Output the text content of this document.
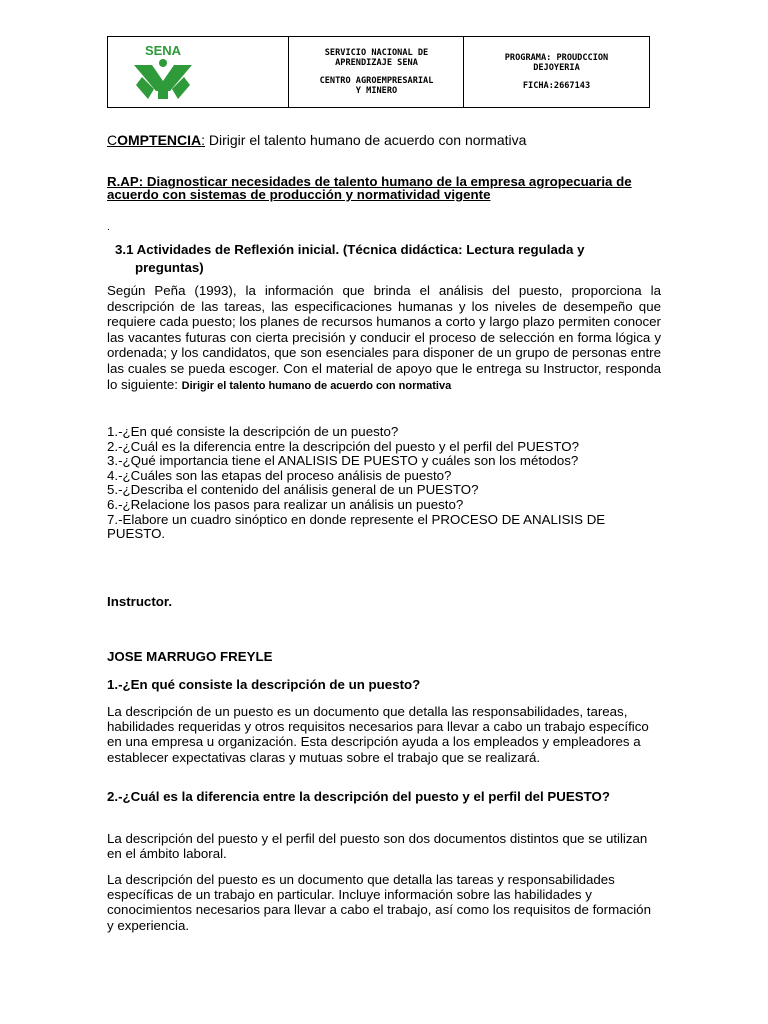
SENA	SERVICIO NACIONAL DE
APRENDIZAJE SENA
CENTRO AGROEMPRESARIAL
Y MINERO
PROGRAMA: PROUDCCION
DEJOYERIA
FICHA:2667143
COMPTENCIA: Dirigir el talento humano de acuerdo con normativa
R.AP: Diagnosticar necesidades de talento humano de la empresa agropecuaria de acuerdo con sistemas de producción y normatividad vigente
.
3.1 Actividades de Reflexión inicial. (Técnica didáctica: Lectura regulada y
preguntas)
Según Peña (1993), la información que brinda el análisis del puesto, proporciona la descripción de las tareas, las especificaciones humanas y los niveles de desempeño que requiere cada puesto; los planes de recursos humanos a corto y largo plazo permiten conocer las vacantes futuras con cierta precisión y conducir el proceso de selección en forma lógica y ordenada; y los candidatos, que son esenciales para disponer de un grupo de personas entre las cuales se pueda escoger. Con el material de apoyo que le entrega su Instructor, responda lo siguiente: Dirigir el talento humano de acuerdo con normativa
1.-¿En qué consiste la descripción de un puesto?
2.-¿Cuál es la diferencia entre la descripción del puesto y el perfil del PUESTO?
3.-¿Qué importancia tiene el ANALISIS DE PUESTO y cuáles son los métodos?
4.-¿Cuáles son las etapas del proceso análisis de puesto?
5.-¿Describa el contenido del análisis general de un PUESTO?
6.-¿Relacione los pasos para realizar un análisis un puesto?
7.-Elabore un cuadro sinóptico en donde represente el PROCESO DE ANALISIS DE PUESTO.
Instructor.
JOSE MARRUGO FREYLE
1.-¿En qué consiste la descripción de un puesto?
La descripción de un puesto es un documento que detalla las responsabilidades, tareas, habilidades requeridas y otros requisitos necesarios para llevar a cabo un trabajo específico en una empresa u organización. Esta descripción ayuda a los empleados y empleadores a establecer expectativas claras y mutuas sobre el trabajo que se realizará.
2.-¿Cuál es la diferencia entre la descripción del puesto y el perfil del PUESTO?
La descripción del puesto y el perfil del puesto son dos documentos distintos que se utilizan en el ámbito laboral.
La descripción del puesto es un documento que detalla las tareas y responsabilidades específicas de un trabajo en particular. Incluye información sobre las habilidades y conocimientos necesarios para llevar a cabo el trabajo, así como los requisitos de formación y experiencia.
